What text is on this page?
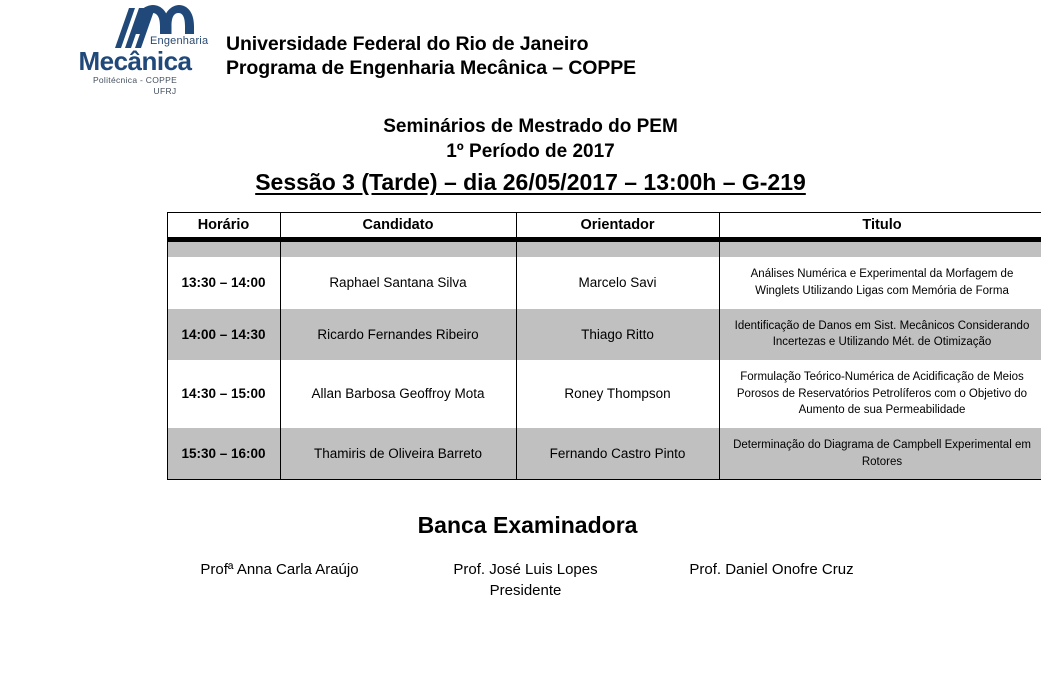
Engenharia
Mecânica
Politécnica - COPPE
UFRJ
Universidade Federal do Rio de Janeiro
Programa de Engenharia Mecânica – COPPE
Seminários de Mestrado do PEM
1º Período de 2017
Sessão 3 (Tarde) – dia 26/05/2017 – 13:00h – G-219
Horário	Candidato	Orientador	Titulo

13:30 – 14:00	Raphael Santana Silva	Marcelo Savi	Análises Numérica e Experimental da Morfagem de Winglets Utilizando Ligas com Memória de Forma
14:00 – 14:30	Ricardo Fernandes Ribeiro	Thiago Ritto	Identificação de Danos em Sist. Mecânicos Considerando Incertezas e Utilizando Mét. de Otimização
14:30 – 15:00	Allan Barbosa Geoffroy Mota	Roney Thompson	Formulação Teórico-Numérica de Acidificação de Meios Porosos de Reservatórios Petrolíferos com o Objetivo do Aumento de sua Permeabilidade
15:30 – 16:00	Thamiris de Oliveira Barreto	Fernando Castro Pinto	Determinação do Diagrama de Campbell Experimental em Rotores
Banca Examinadora
Profª Anna Carla Araújo	Prof. José Luis Lopes
Presidente
Prof. Daniel Onofre Cruz
